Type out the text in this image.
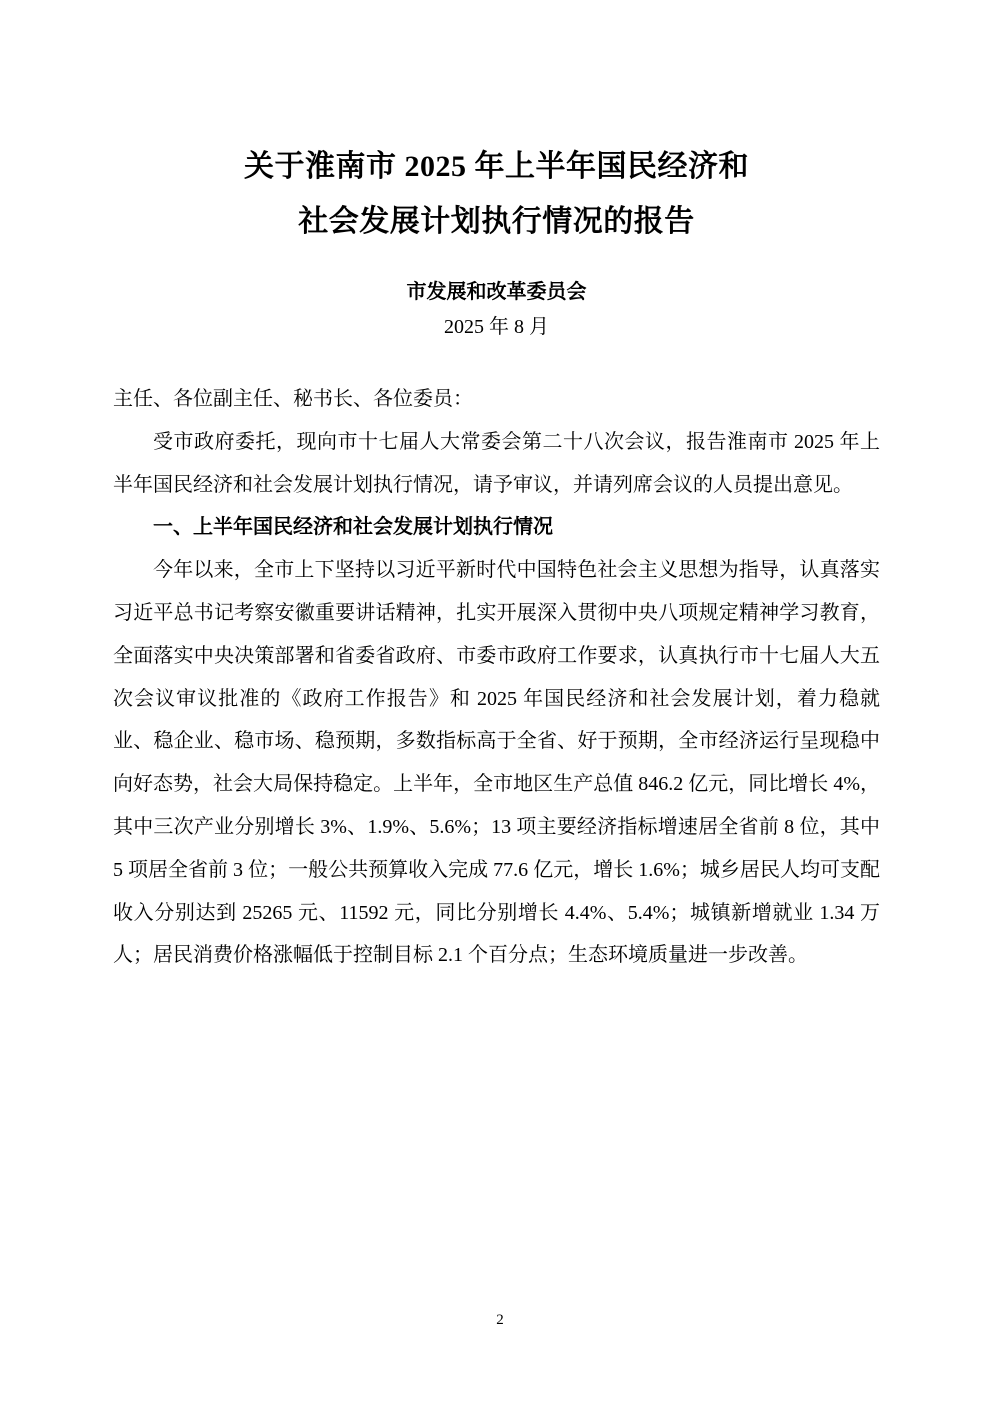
关于淮南市 2025 年上半年国民经济和
社会发展计划执行情况的报告
市发展和改革委员会
2025 年 8 月

主任、各位副主任、秘书长、各位委员：

受市政府委托，现向市十七届人大常委会第二十八次会议，报告淮南市 2025 年上半年国民经济和社会发展计划执行情况，请予审议，并请列席会议的人员提出意见。

一、上半年国民经济和社会发展计划执行情况

今年以来，全市上下坚持以习近平新时代中国特色社会主义思想为指导，认真落实习近平总书记考察安徽重要讲话精神，扎实开展深入贯彻中央八项规定精神学习教育，全面落实中央决策部署和省委省政府、市委市政府工作要求，认真执行市十七届人大五次会议审议批准的《政府工作报告》和 2025 年国民经济和社会发展计划，着力稳就业、稳企业、稳市场、稳预期，多数指标高于全省、好于预期，全市经济运行呈现稳中向好态势，社会大局保持稳定。上半年，全市地区生产总值 846.2 亿元，同比增长 4%，其中三次产业分别增长 3%、1.9%、5.6%；13 项主要经济指标增速居全省前 8 位，其中 5 项居全省前 3 位；一般公共预算收入完成 77.6 亿元，增长 1.6%；城乡居民人均可支配收入分别达到 25265 元、11592 元，同比分别增长 4.4%、5.4%；城镇新增就业 1.34 万人；居民消费价格涨幅低于控制目标 2.1 个百分点；生态环境质量进一步改善。

2
